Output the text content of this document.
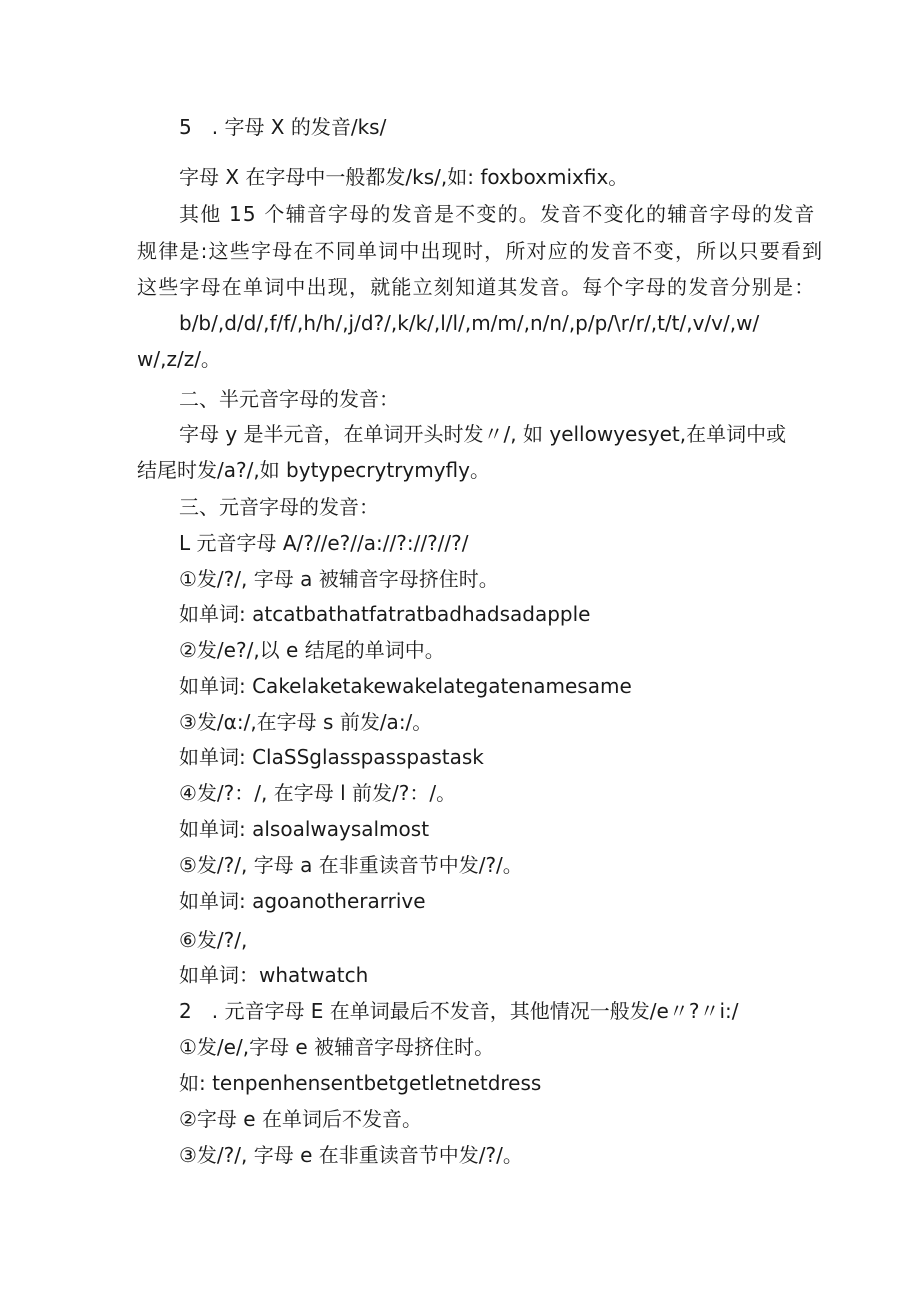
5 . 字母 X 的发音/ks/
字母 X 在字母中一般都发/ks/,如: foxboxmixfix。
其他 15 个辅音字母的发音是不变的。发音不变化的辅音字母的发音
规律是:这些字母在不同单词中出现时，所对应的发音不变，所以只要看到
这些字母在单词中出现，就能立刻知道其发音。每个字母的发音分别是：
b/b/,d/d/,f/f/,h/h/,j/d?/,k/k/,l/l/,m/m/,n/n/,p/p/\r/r/,t/t/,v/v/,w/
w/,z/z/。
二、半元音字母的发音：
字母 y 是半元音，在单词开头时发〃/, 如 yellowyesyet,在单词中或
结尾时发/a?/,如 bytypecrytrymyfly。
三、元音字母的发音：
L 元音字母 A/?//e?//a://?://?//?/
①发/?/, 字母 a 被辅音字母挤住时。
如单词: atcatbathatfatratbadhadsadapple
②发/e?/,以 e 结尾的单词中。
如单词: Cakelaketakewakelategatenamesame
③发/α:/,在字母 s 前发/a:/。
如单词: ClaSSglasspasspastask
④发/?：/, 在字母 l 前发/?：/。
如单词: alsoalwaysalmost
⑤发/?/, 字母 a 在非重读音节中发/?/。
如单词: agoanotherarrive
⑥发/?/,
如单词：whatwatch
2 . 元音字母 E 在单词最后不发音，其他情况一般发/e〃?〃i:/
①发/e/,字母 e 被辅音字母挤住时。
如: tenpenhensentbetgetletnetdress
②字母 e 在单词后不发音。
③发/?/, 字母 e 在非重读音节中发/?/。
